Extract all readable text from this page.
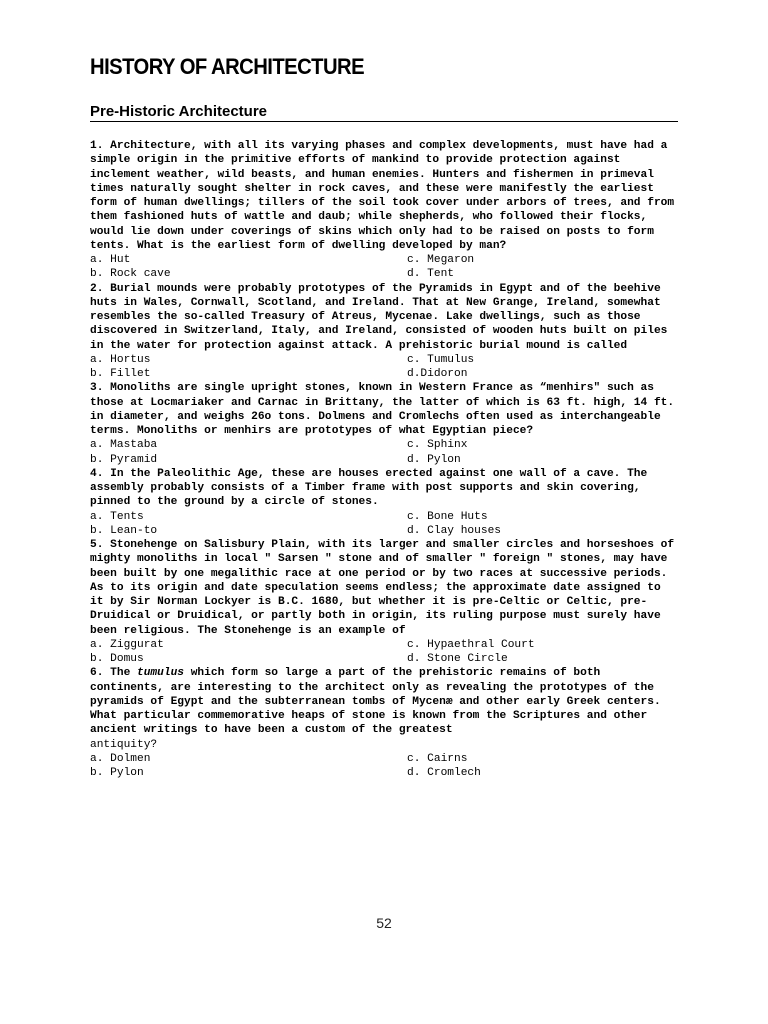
HISTORY OF ARCHITECTURE
Pre-Historic Architecture

1. Architecture, with all its varying phases and complex developments, must have had a simple origin in the primitive efforts of mankind to provide protection against inclement weather, wild beasts, and human enemies. Hunters and fishermen in primeval times naturally sought shelter in rock caves, and these were manifestly the earliest form of human dwellings; tillers of the soil took cover under arbors of trees, and from them fashioned huts of wattle and daub; while shepherds, who followed their flocks, would lie down under coverings of skins which only had to be raised on posts to form tents. What is the earliest form of dwelling developed by man?

a. Hut	c. Megaron
b. Rock cave	d. Tent

2. Burial mounds were probably prototypes of the Pyramids in Egypt and of the beehive huts in Wales, Cornwall, Scotland, and Ireland. That at New Grange, Ireland, somewhat resembles the so-called Treasury of Atreus, Mycenae. Lake dwellings, such as those discovered in Switzerland, Italy, and Ireland, consisted of wooden huts built on piles in the water for protection against attack. A prehistoric burial mound is called

a. Hortus	c. Tumulus
b. Fillet	d.Didoron

3. Monoliths are single upright stones, known in Western France as “menhirs" such as those at Locmariaker and Carnac in Brittany, the latter of which is 63 ft. high, 14 ft. in diameter, and weighs 26o tons. Dolmens and Cromlechs often used as interchangeable terms. Monoliths or menhirs are prototypes of what Egyptian piece?

a. Mastaba	c. Sphinx
b. Pyramid	d. Pylon

4. In the Paleolithic Age, these are houses erected against one wall of a cave. The assembly probably consists of a Timber frame with post supports and skin covering, pinned to the ground by a circle of stones.

a. Tents	c. Bone Huts
b. Lean-to	d. Clay houses

5. Stonehenge on Salisbury Plain, with its larger and smaller circles and horseshoes of mighty monoliths in local " Sarsen " stone and of smaller " foreign " stones, may have been built by one megalithic race at one period or by two races at successive periods. As to its origin and date speculation seems endless; the approximate date assigned to it by Sir Norman Lockyer is B.C. 1680, but whether it is pre-Celtic or Celtic, pre-Druidical or Druidical, or partly both in origin, its ruling purpose must surely have been religious. The Stonehenge is an example of

a. Ziggurat	c. Hypaethral Court
b. Domus	d. Stone Circle

6. The tumulus which form so large a part of the prehistoric remains of both continents, are interesting to the architect only as revealing the prototypes of the pyramids of Egypt and the subterranean tombs of Mycenæ and other early Greek centers. What particular commemorative heaps of stone is known from the Scriptures and other ancient writings to have been a custom of the greatest
antiquity?

a. Dolmen	c. Cairns
b. Pylon	d. Cromlech
52
